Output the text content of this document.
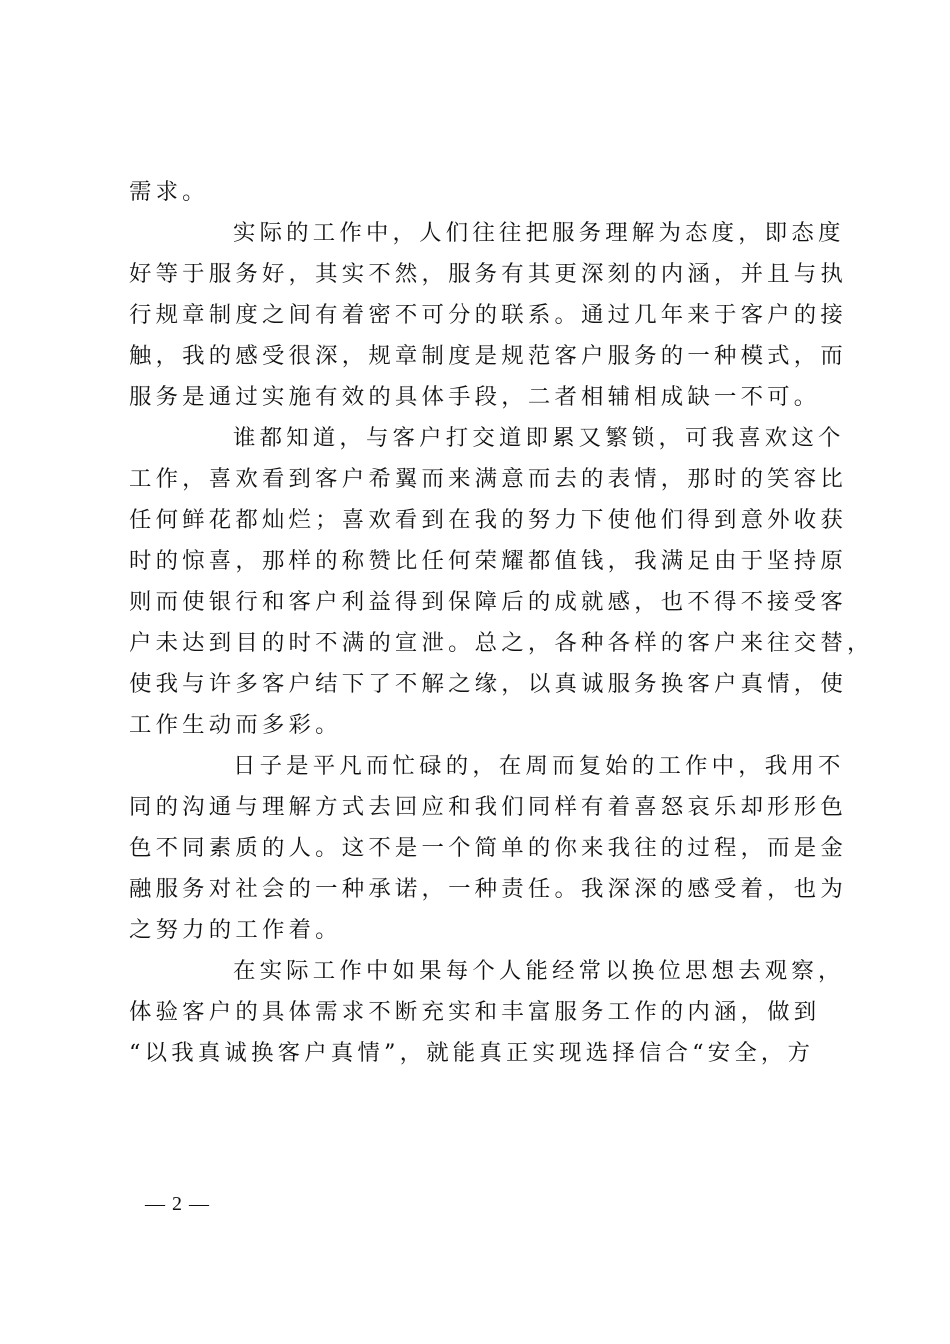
需求。
实际的工作中，人们往往把服务理解为态度，即态度
好等于服务好，其实不然，服务有其更深刻的内涵，并且与执
行规章制度之间有着密不可分的联系。通过几年来于客户的接
触，我的感受很深，规章制度是规范客户服务的一种模式，而
服务是通过实施有效的具体手段，二者相辅相成缺一不可。
谁都知道，与客户打交道即累又繁锁，可我喜欢这个
工作，喜欢看到客户希翼而来满意而去的表情，那时的笑容比
任何鲜花都灿烂；喜欢看到在我的努力下使他们得到意外收获
时的惊喜，那样的称赞比任何荣耀都值钱，我满足由于坚持原
则而使银行和客户利益得到保障后的成就感，也不得不接受客
户未达到目的时不满的宣泄。总之，各种各样的客户来往交替，
使我与许多客户结下了不解之缘，以真诚服务换客户真情，使
工作生动而多彩。
日子是平凡而忙碌的，在周而复始的工作中，我用不
同的沟通与理解方式去回应和我们同样有着喜怒哀乐却形形色
色不同素质的人。这不是一个简单的你来我往的过程，而是金
融服务对社会的一种承诺，一种责任。我深深的感受着，也为
之努力的工作着。
在实际工作中如果每个人能经常以换位思想去观察，
体验客户的具体需求不断充实和丰富服务工作的内涵，做到
“以我真诚换客户真情”，就能真正实现选择信合“安全，方
— 2 —
